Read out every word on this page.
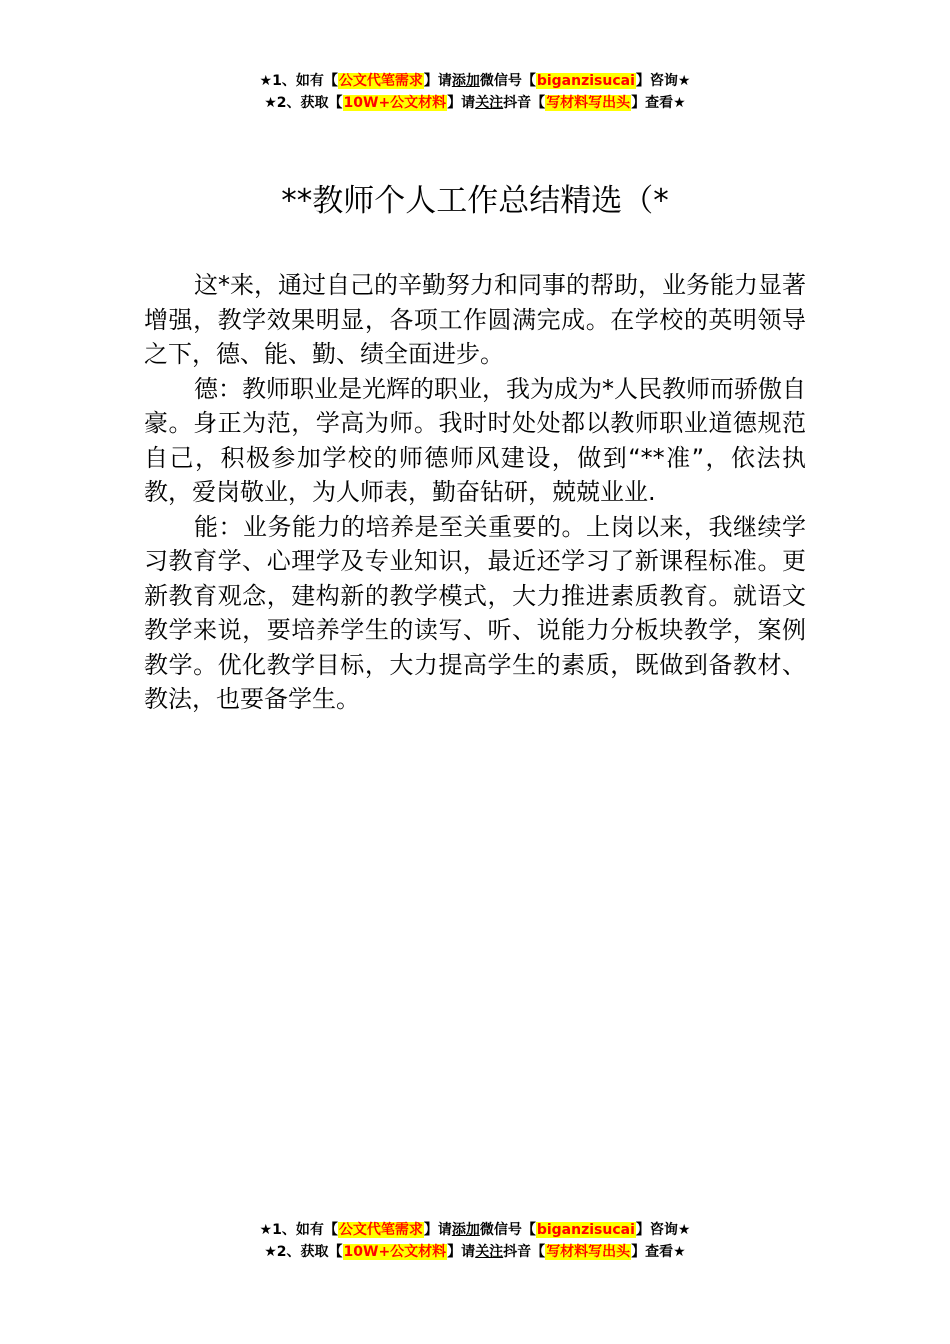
★1、如有【公文代笔需求】请添加微信号【biganzisucai】咨询★
★2、获取【10W+公文材料】请关注抖音【写材料写出头】查看★
**教师个人工作总结精选（*

这*来，通过自己的辛勤努力和同事的帮助，业务能力显著增强，教学效果明显，各项工作圆满完成。在学校的英明领导之下，德、能、勤、绩全面进步。

德：教师职业是光辉的职业，我为成为*人民教师而骄傲自豪。身正为范，学高为师。我时时处处都以教师职业道德规范自己，积极参加学校的师德师风建设，做到“**准”，依法执教，爱岗敬业，为人师表，勤奋钻研，兢兢业业.

能：业务能力的培养是至关重要的。上岗以来，我继续学习教育学、心理学及专业知识，最近还学习了新课程标准。更新教育观念，建构新的教学模式，大力推进素质教育。就语文教学来说，要培养学生的读写、听、说能力分板块教学，案例教学。优化教学目标，大力提高学生的素质，既做到备教材、教法，也要备学生。

★1、如有【公文代笔需求】请添加微信号【biganzisucai】咨询★
★2、获取【10W+公文材料】请关注抖音【写材料写出头】查看★
